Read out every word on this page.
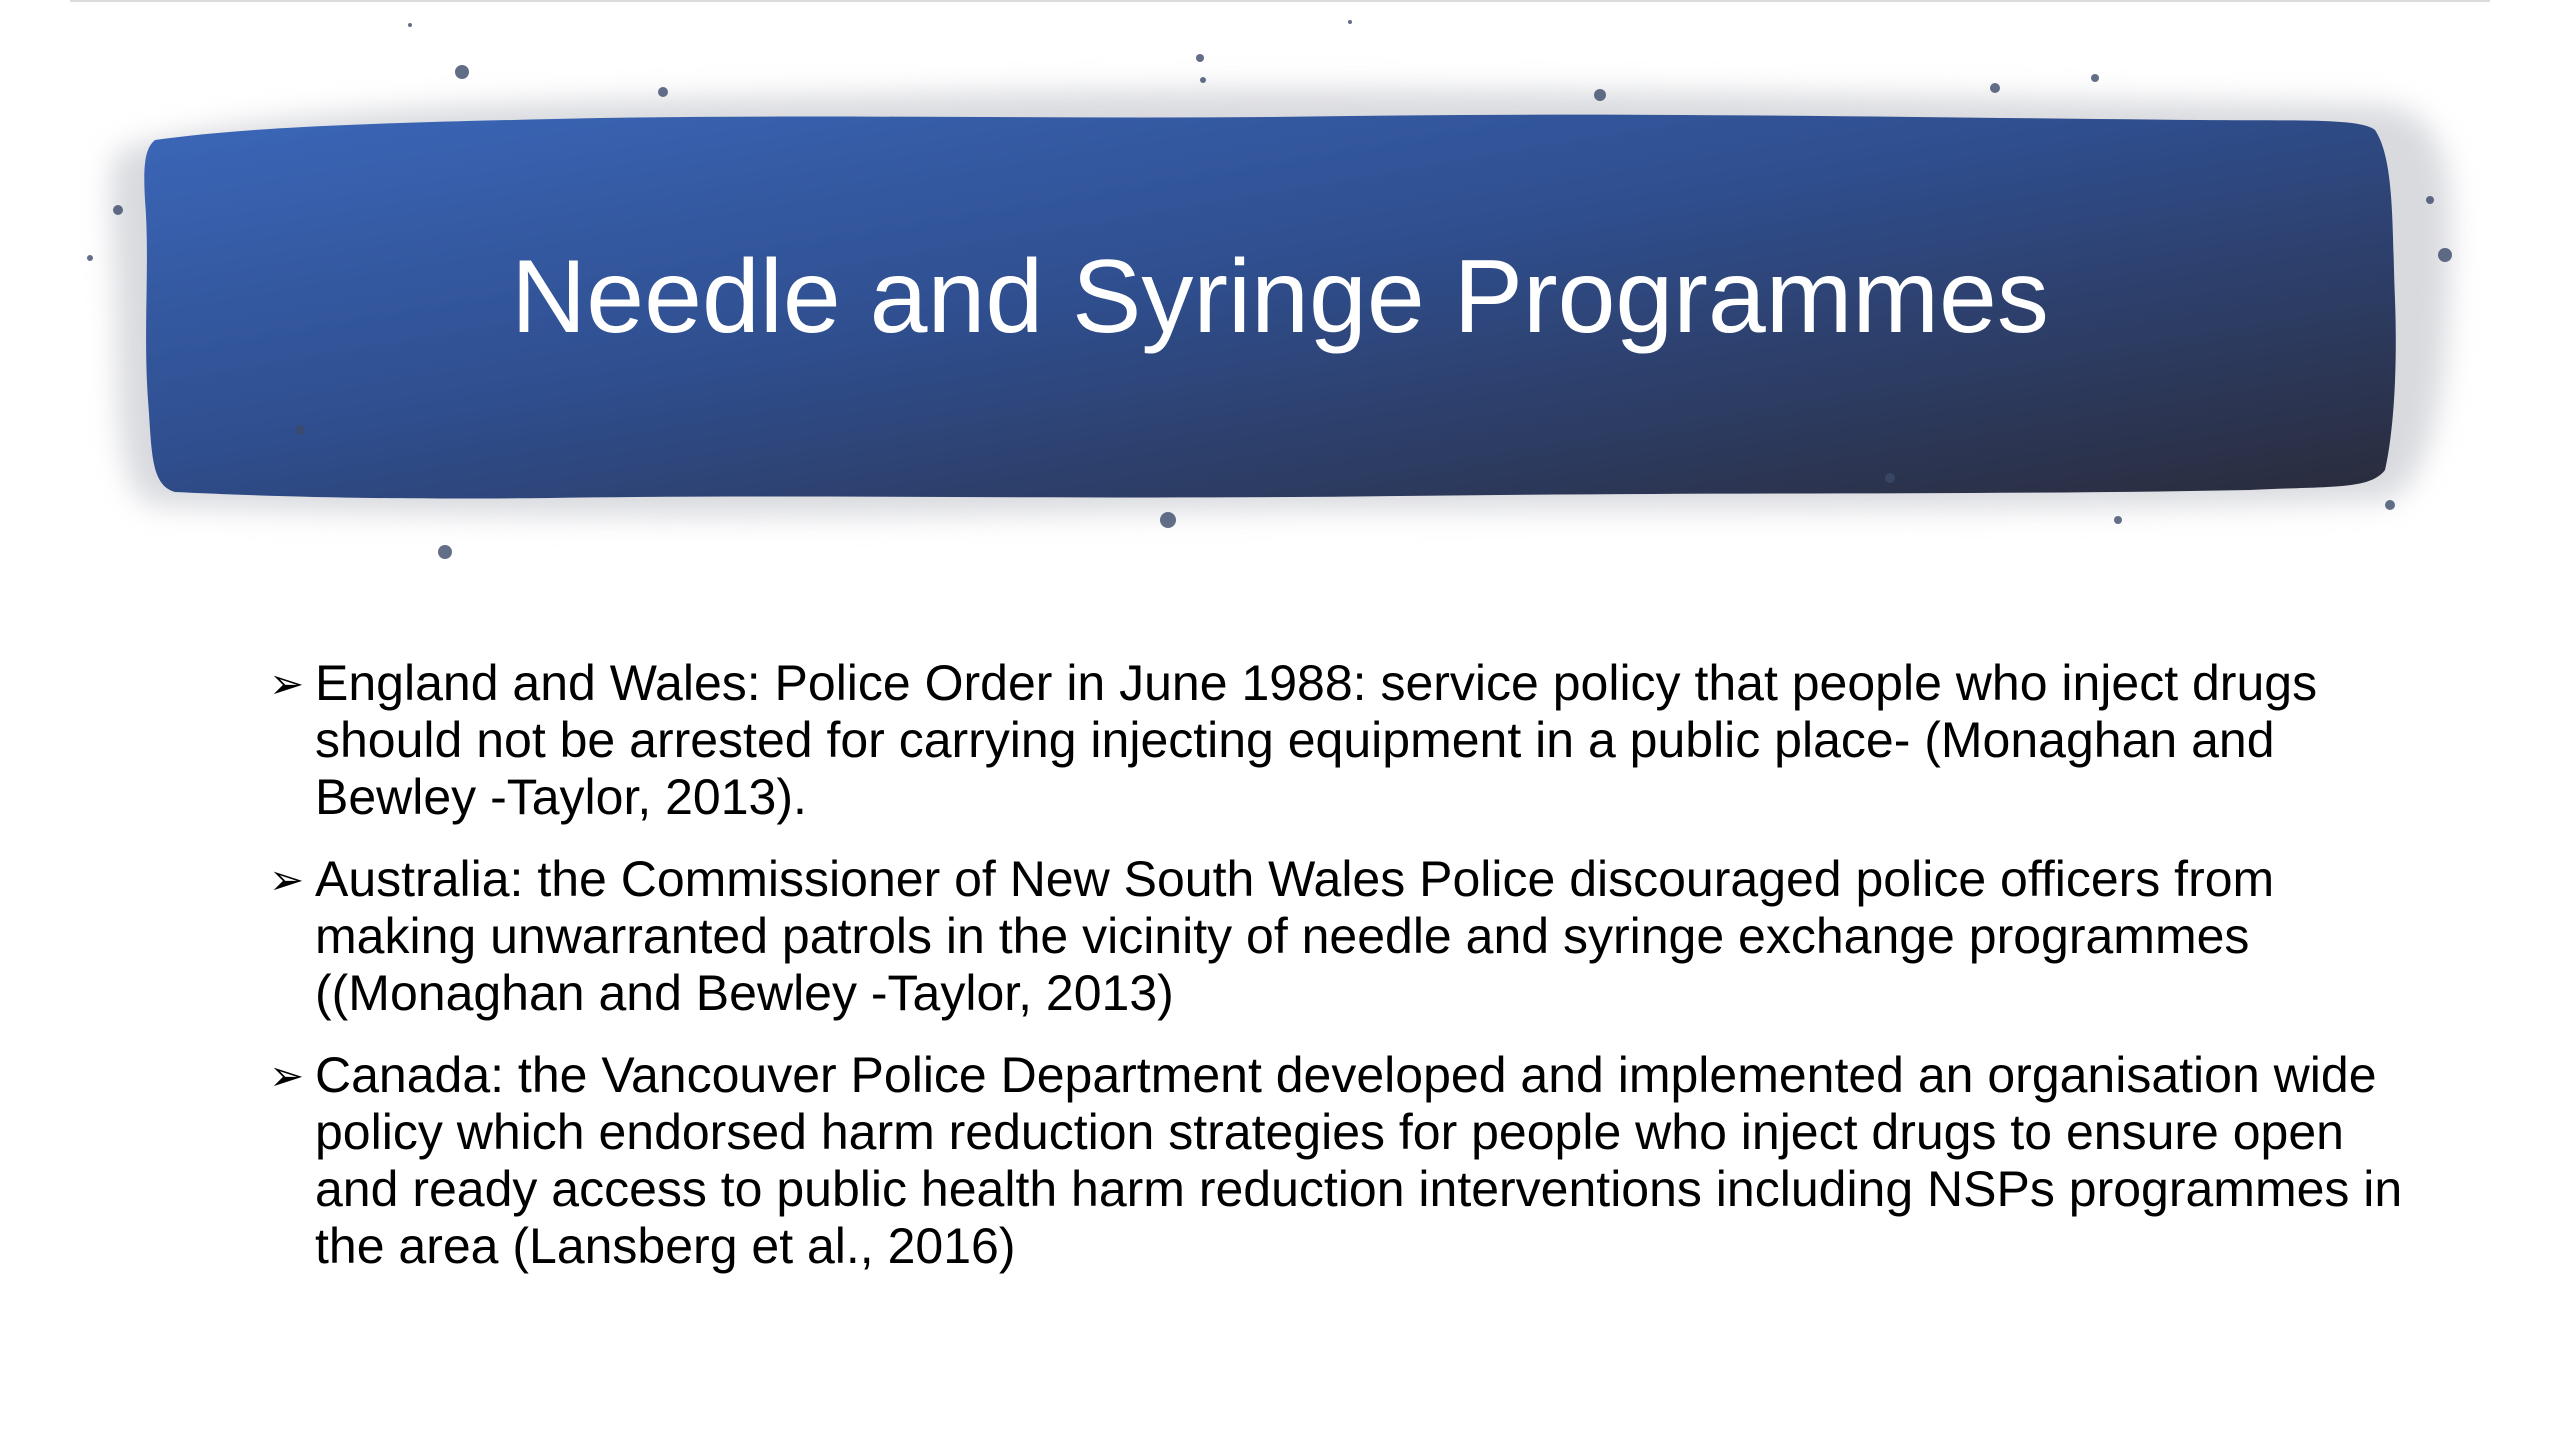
Needle and Syringe Programmes
➢ England and Wales: Police Order in June 1988: service policy that people who inject drugs should not be arrested for carrying injecting equipment in a public place- (Monaghan and Bewley -Taylor, 2013).
➢ Australia: the Commissioner of New South Wales Police discouraged police officers from making unwarranted patrols in the vicinity of needle and syringe exchange programmes ((Monaghan and Bewley -Taylor, 2013)
➢ Canada: the Vancouver Police Department developed and implemented an organisation wide policy which endorsed harm reduction strategies for people who inject drugs to ensure open and ready access to public health harm reduction interventions including NSPs programmes in the area (Lansberg et al., 2016)
